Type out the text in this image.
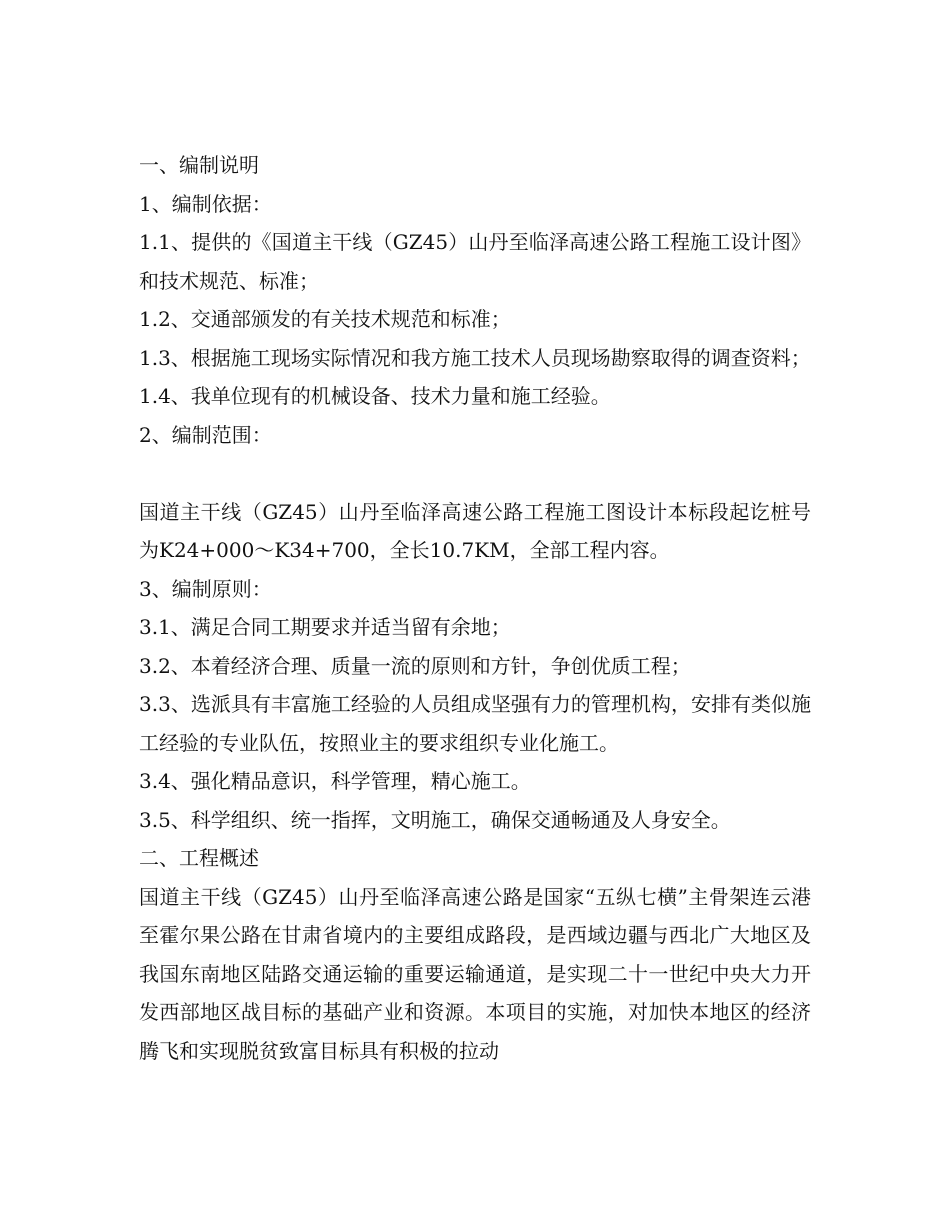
一、编制说明

1、编制依据：

1.1、提供的《国道主干线（GZ45）山丹至临泽高速公路工程施工设计图》和技术规范、标准；

1.2、交通部颁发的有关技术规范和标准；

1.3、根据施工现场实际情况和我方施工技术人员现场勘察取得的调查资料；

1.4、我单位现有的机械设备、技术力量和施工经验。

2、编制范围：

国道主干线（GZ45）山丹至临泽高速公路工程施工图设计本标段起讫桩号为K24+000～K34+700，全长10.7KM，全部工程内容。

3、编制原则：

3.1、满足合同工期要求并适当留有余地；

3.2、本着经济合理、质量一流的原则和方针，争创优质工程；

3.3、选派具有丰富施工经验的人员组成坚强有力的管理机构，安排有类似施工经验的专业队伍，按照业主的要求组织专业化施工。

3.4、强化精品意识，科学管理，精心施工。

3.5、科学组织、统一指挥，文明施工，确保交通畅通及人身安全。

二、工程概述

国道主干线（GZ45）山丹至临泽高速公路是国家“五纵七横”主骨架连云港至霍尔果公路在甘肃省境内的主要组成路段，是西域边疆与西北广大地区及我国东南地区陆路交通运输的重要运输通道，是实现二十一世纪中央大力开发西部地区战目标的基础产业和资源。本项目的实施，对加快本地区的经济腾飞和实现脱贫致富目标具有积极的拉动
